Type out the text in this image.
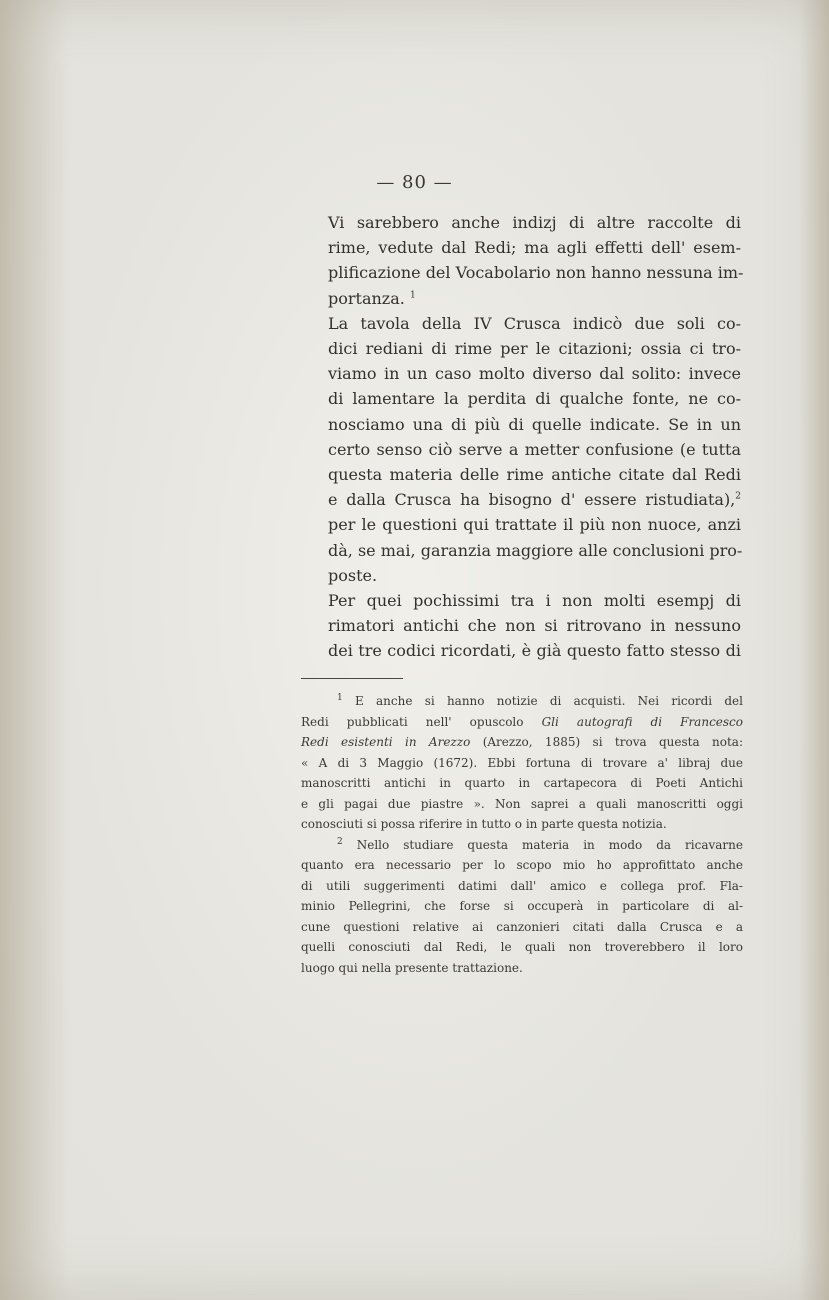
— 80 —

Vi sarebbero anche indizj di altre raccolte di
rime, vedute dal Redi; ma agli effetti dell' esem-
plificazione del Vocabolario non hanno nessuna im-
portanza. $^1$

La tavola della IV Crusca indicò due soli co-
dici rediani di rime per le citazioni; ossia ci tro-
viamo in un caso molto diverso dal solito: invece
di lamentare la perdita di qualche fonte, ne co-
nosciamo una di più di quelle indicate. Se in un
certo senso ciò serve a metter confusione (e tutta
questa materia delle rime antiche citate dal Redi
e dalla Crusca ha bisogno d' essere ristudiata),$^2$
per le questioni qui trattate il più non nuoce, anzi
dà, se mai, garanzia maggiore alle conclusioni pro-
poste.

Per quei pochissimi tra i non molti esempj di
rimatori antichi che non si ritrovano in nessuno
dei tre codici ricordati, è già questo fatto stesso di

$^1$ E anche si hanno notizie di acquisti. Nei ricordi del
Redi pubblicati nell' opuscolo Gli autografi di Francesco
Redi esistenti in Arezzo (Arezzo, 1885) si trova questa nota:
« A di 3 Maggio (1672). Ebbi fortuna di trovare a' libraj due
manoscritti antichi in quarto in cartapecora di Poeti Antichi
e gli pagai due piastre ». Non saprei a quali manoscritti oggi
conosciuti si possa riferire in tutto o in parte questa notizia.
$^2$ Nello studiare questa materia in modo da ricavarne
quanto era necessario per lo scopo mio ho approfittato anche
di utili suggerimenti datimi dall' amico e collega prof. Fla-
minio Pellegrini, che forse si occuperà in particolare di al-
cune questioni relative ai canzonieri citati dalla Crusca e a
quelli conosciuti dal Redi, le quali non troverebbero il loro
luogo qui nella presente trattazione.
